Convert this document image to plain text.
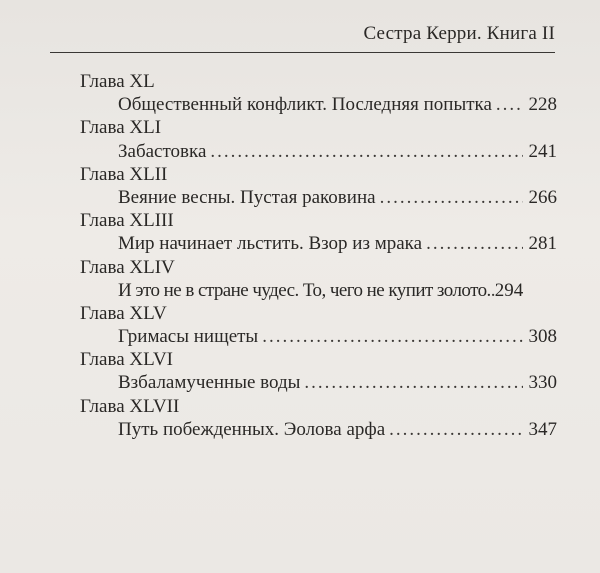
Сестра Керри. Книга II
Глава XL
Общественный конфликт. Последняя попытка ..... 228
Глава XLI
Забастовка .....	241
Глава XLII
Веяние весны. Пустая раковина .....	266
Глава XLIII
Мир начинает льстить. Взор из мрака .....	281
Глава XLIV
И это не в стране чудес. То, чего не купит золото. ..... 294
Глава XLV
Гримасы нищеты .....	308
Глава XLVI
Взбаламученные воды .....	330
Глава XLVII
Путь побежденных. Эолова арфа .....	347
